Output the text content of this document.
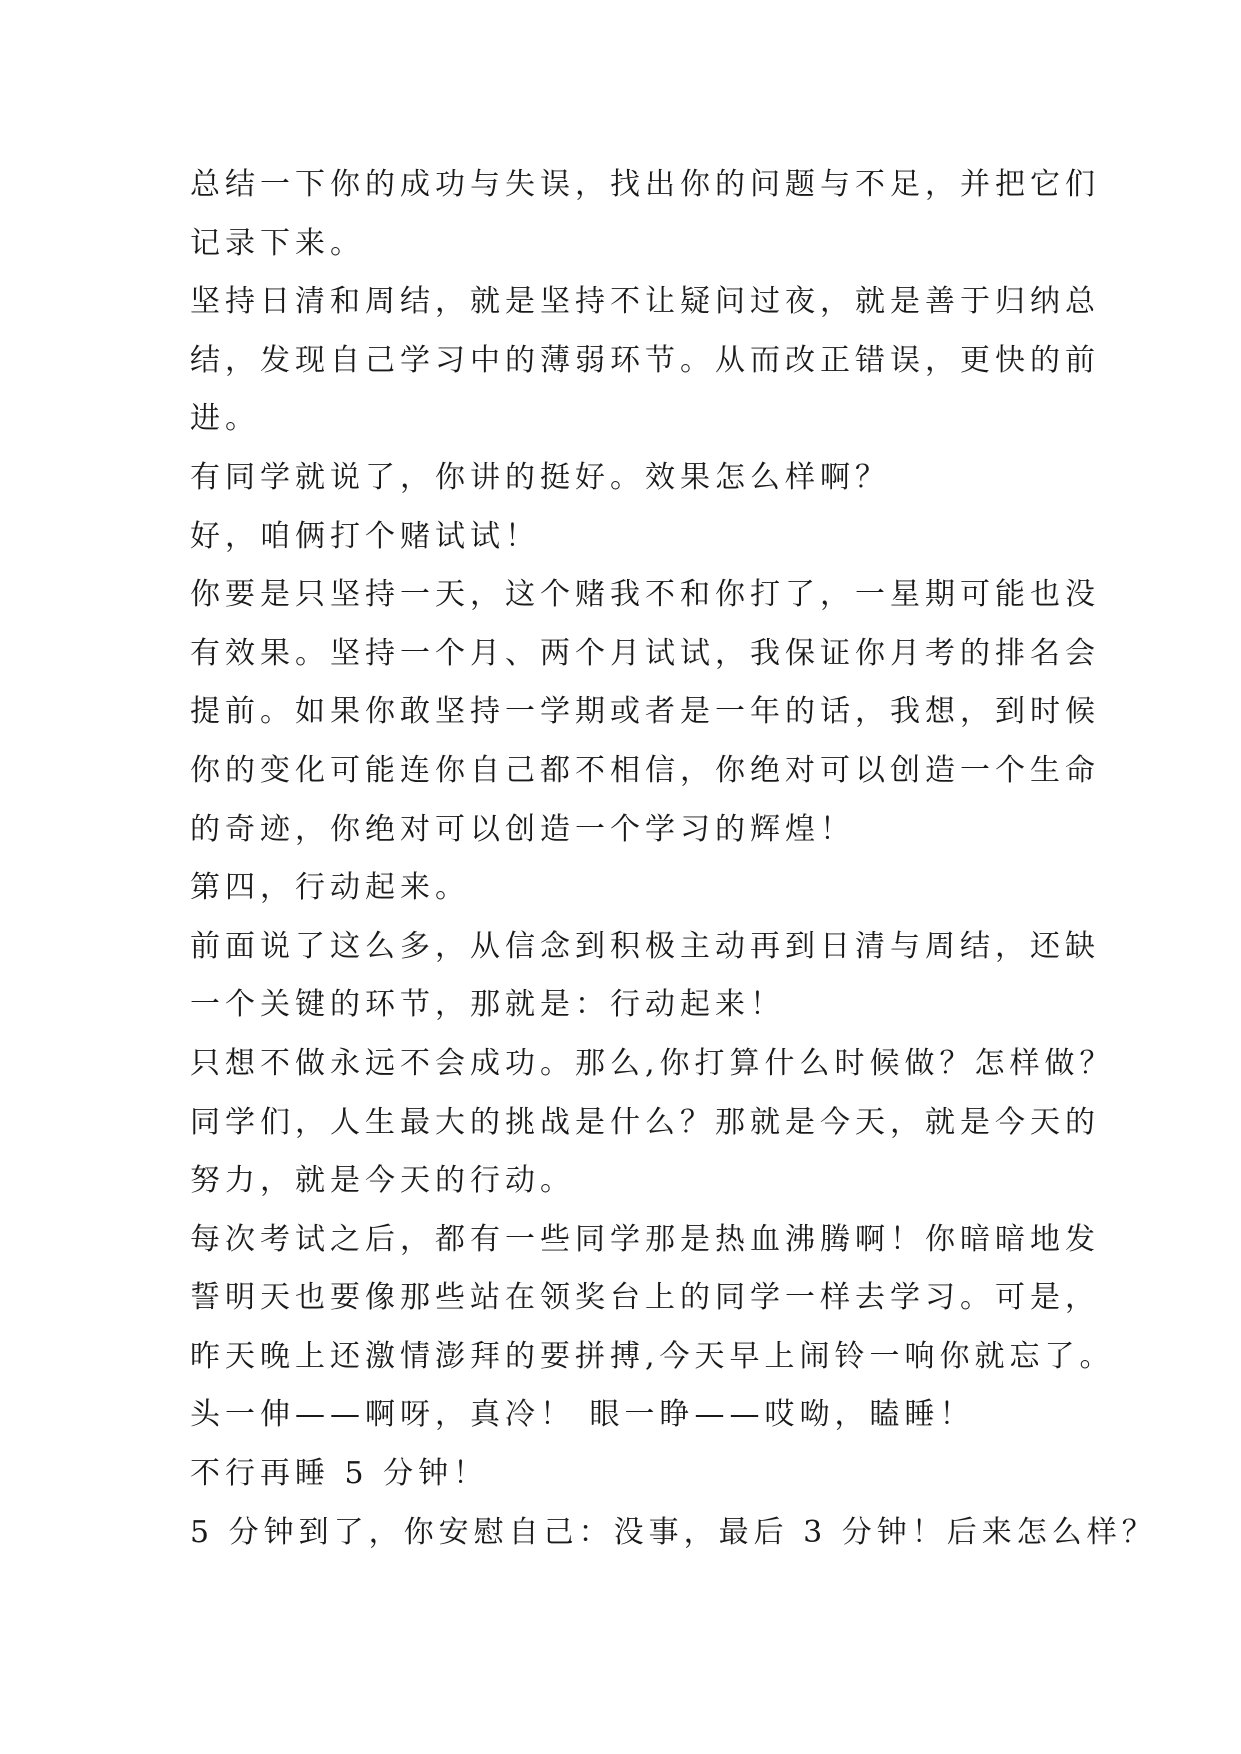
总结一下你的成功与失误，找出你的问题与不足，并把它们
记录下来。
坚持日清和周结，就是坚持不让疑问过夜，就是善于归纳总
结，发现自己学习中的薄弱环节。从而改正错误，更快的前
进。
有同学就说了，你讲的挺好。效果怎么样啊？
好，咱俩打个赌试试！
你要是只坚持一天，这个赌我不和你打了，一星期可能也没
有效果。坚持一个月、两个月试试，我保证你月考的排名会
提前。如果你敢坚持一学期或者是一年的话，我想，到时候
你的变化可能连你自己都不相信，你绝对可以创造一个生命
的奇迹，你绝对可以创造一个学习的辉煌！
第四，行动起来。
前面说了这么多，从信念到积极主动再到日清与周结，还缺
一个关键的环节，那就是：行动起来！
只想不做永远不会成功。那么,你打算什么时候做？怎样做？
同学们，人生最大的挑战是什么？那就是今天，就是今天的
努力，就是今天的行动。
每次考试之后，都有一些同学那是热血沸腾啊！你暗暗地发
誓明天也要像那些站在领奖台上的同学一样去学习。可是，
昨天晚上还激情澎拜的要拼搏,今天早上闹铃一响你就忘了。
头一伸——啊呀，真冷！ 眼一睁——哎呦，瞌睡！
不行再睡 5 分钟！
5 分钟到了，你安慰自己：没事，最后 3 分钟！后来怎么样？
